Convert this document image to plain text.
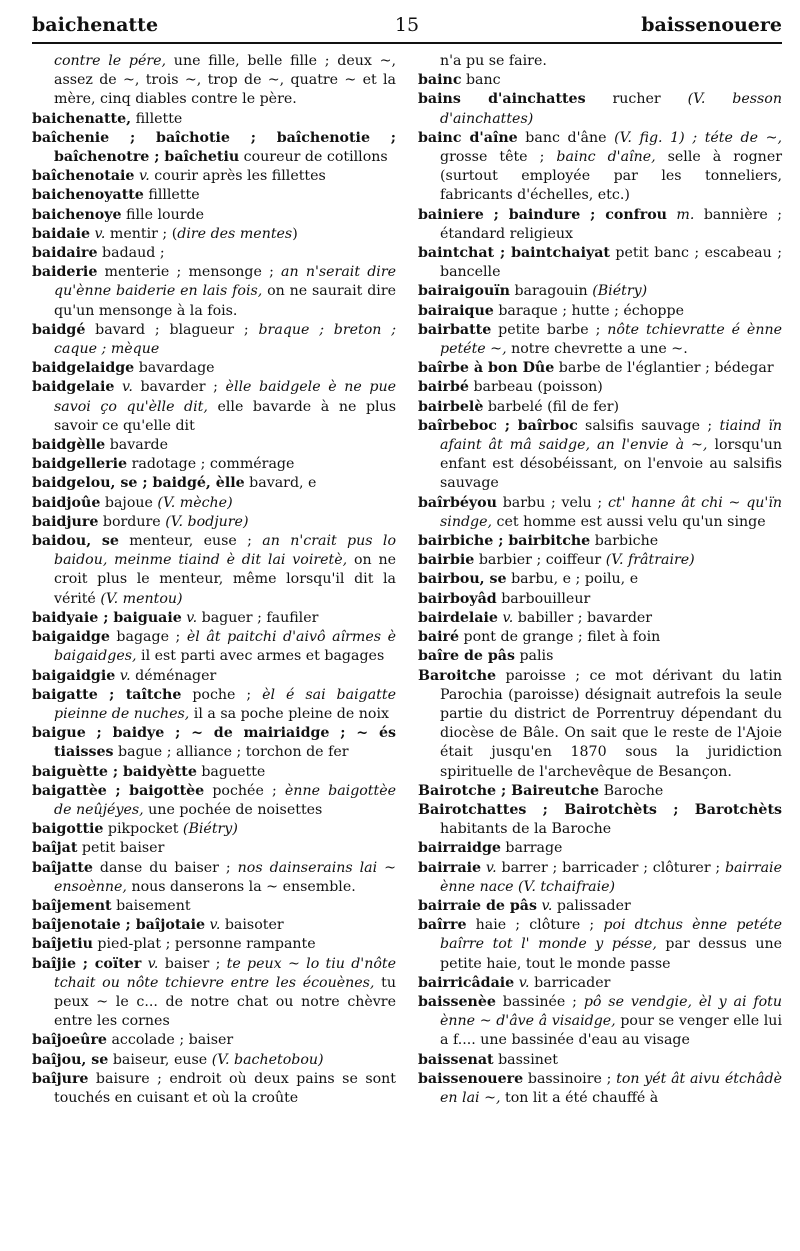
baichenatte	15	baissenouere

contre le pére, une fille, belle fille ; deux ~, assez de ~, trois ~, trop de ~, quatre ~ et la mère, cinq diables contre le père.

baichenatte, fillette

baîchenie ; baîchotie ; baîchenotie ; baîchenotre ; baîchetiu coureur de cotillons

baîchenotaie v. courir après les fillettes

baichenoyatte filllette

baichenoye fille lourde

baidaie v. mentir ; (dire des mentes)

baidaire badaud ;

baiderie menterie ; mensonge ; an n'serait dire qu'ènne baiderie en lais fois, on ne saurait dire qu'un mensonge à la fois.

baidgé bavard ; blagueur ; braque ; breton ; caque ; mèque

baidgelaidge bavardage

baidgelaie v. bavarder ; èlle baidgele è ne pue savoi ço qu'èlle dit, elle bavarde à ne plus savoir ce qu'elle dit

baidgèlle bavarde

baidgellerie radotage ; commérage

baidgelou, se ; baidgé, èlle bavard, e

baidjoûe bajoue (V. mèche)

baidjure bordure (V. bodjure)

baidou, se menteur, euse ; an n'crait pus lo baidou, meinme tiaind è dit lai voiretè, on ne croit plus le menteur, même lorsqu'il dit la vérité (V. mentou)

baidyaie ; baiguaie v. baguer ; faufiler

baigaidge bagage ; èl ât paitchi d'aivô aîrmes è baigaidges, il est parti avec armes et bagages

baigaidgie v. déménager

baigatte ; taîtche poche ; èl é sai baigatte pieinne de nuches, il a sa poche pleine de noix

baigue ; baidye ; ~ de mairiaidge ; ~ és tiaisses bague ; alliance ; torchon de fer

baiguètte ; baidyètte baguette

baigattèe ; baigottèe pochée ; ènne baigottèe de neûjéyes, une pochée de noisettes

baigottie pikpocket (Biétry)

baîjat petit baiser

baîjatte danse du baiser ; nos dainserains lai ~ ensoènne, nous danserons la ~ ensemble.

baîjement baisement

baîjenotaie ; baîjotaie v. baisoter

baîjetiu pied-plat ; personne rampante

baîjie ; coïter v. baiser ; te peux ~ lo tiu d'nôte tchait ou nôte tchievre entre les écouènes, tu peux ~ le c... de notre chat ou notre chèvre entre les cornes

baîjoeûre accolade ; baiser

baîjou, se baiseur, euse (V. bachetobou)

baîjure baisure ; endroit où deux pains se sont touchés en cuisant et où la croûte

n'a pu se faire.

bainc banc

bains d'ainchattes rucher (V. besson d'ainchattes)

bainc d'aîne banc d'âne (V. fig. 1) ; téte de ~, grosse tête ; bainc d'aîne, selle à rogner (surtout employée par les tonneliers, fabricants d'échelles, etc.)

bainiere ; baindure ; confrou m. bannière ; étandard religieux

baintchat ; baintchaiyat petit banc ; escabeau ; bancelle

bairaigouïn baragouin (Biétry)

bairaique baraque ; hutte ; échoppe

bairbatte petite barbe ; nôte tchievratte é ènne petéte ~, notre chevrette a une ~.

baîrbe à bon Dûe barbe de l'églantier ; bédegar

bairbé barbeau (poisson)

bairbelè barbelé (fil de fer)

baîrbeboc ; baîrboc salsifis sauvage ; tiaind ïn afaint ât mâ saidge, an l'envie à ~, lorsqu'un enfant est désobéissant, on l'envoie au salsifis sauvage

baîrbéyou barbu ; velu ; ct' hanne ât chi ~ qu'ïn sindge, cet homme est aussi velu qu'un singe

bairbiche ; bairbitche barbiche

bairbie barbier ; coiffeur (V. frâtraire)

bairbou, se barbu, e ; poilu, e

bairboyâd barbouilleur

bairdelaie v. babiller ; bavarder

bairé pont de grange ; filet à foin

baîre de pâs palis

Baroitche paroisse ; ce mot dérivant du latin Parochia (paroisse) désignait autrefois la seule partie du district de Porrentruy dépendant du diocèse de Bâle. On sait que le reste de l'Ajoie était jusqu'en 1870 sous la juridiction spirituelle de l'archevêque de Besançon.

Bairotche ; Baireutche Baroche

Bairotchattes ; Bairotchèts ; Barotchèts habitants de la Baroche

bairraidge barrage

bairraie v. barrer ; barricader ; clôturer ; bairraie ènne nace (V. tchaifraie)

bairraie de pâs v. palissader

baîrre haie ; clôture ; poi dtchus ènne petéte baîrre tot l' monde y pésse, par dessus une petite haie, tout le monde passe

bairricâdaie v. barricader

baissenèe bassinée ; pô se vendgie, èl y ai fotu ènne ~ d'âve â visaidge, pour se venger elle lui a f.... une bassinée d'eau au visage

baissenat bassinet

baissenouere bassinoire ; ton yét ât aivu étchâdè en lai ~, ton lit a été chauffé à
